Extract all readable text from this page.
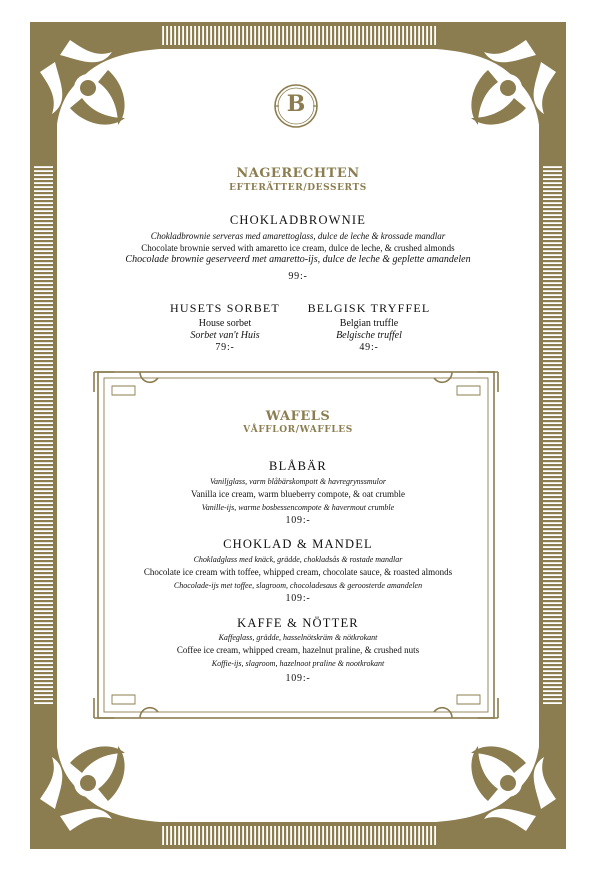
B
NAGERECHTEN
EFTERÄTTER/DESSERTS
CHOKLADBROWNIE
Chokladbrownie serveras med amarettoglass, dulce de leche & krossade mandlar
Chocolate brownie served with amaretto ice cream, dulce de leche, & crushed almonds
Chocolade brownie geserveerd met amaretto-ijs, dulce de leche & geplette amandelen
99:-
HUSETS SORBET
House sorbet
Sorbet van't Huis
79:-
BELGISK TRYFFEL
Belgian truffle
Belgische truffel
49:-
WAFELS
VÅFFLOR/WAFFLES
BLÅBÄR
Vaniljglass, varm blåbärskompott & havregrynssmulor
Vanilla ice cream, warm blueberry compote, & oat crumble
Vanille-ijs, warme bosbessencompote & havermout crumble
109:-
CHOKLAD & MANDEL
Chokladglass med knäck, grädde, chokladsås & rostade mandlar
Chocolate ice cream with toffee, whipped cream, chocolate sauce, & roasted almonds
Chocolade-ijs met toffee, slagroom, chocoladesaus & geroosterde amandelen
109:-
KAFFE & NÖTTER
Kaffeglass, grädde, hasselnötskräm & nötkrokant
Coffee ice cream, whipped cream, hazelnut praline, & crushed nuts
Koffie-ijs, slagroom, hazelnoot praline & nootkrokant
109:-
